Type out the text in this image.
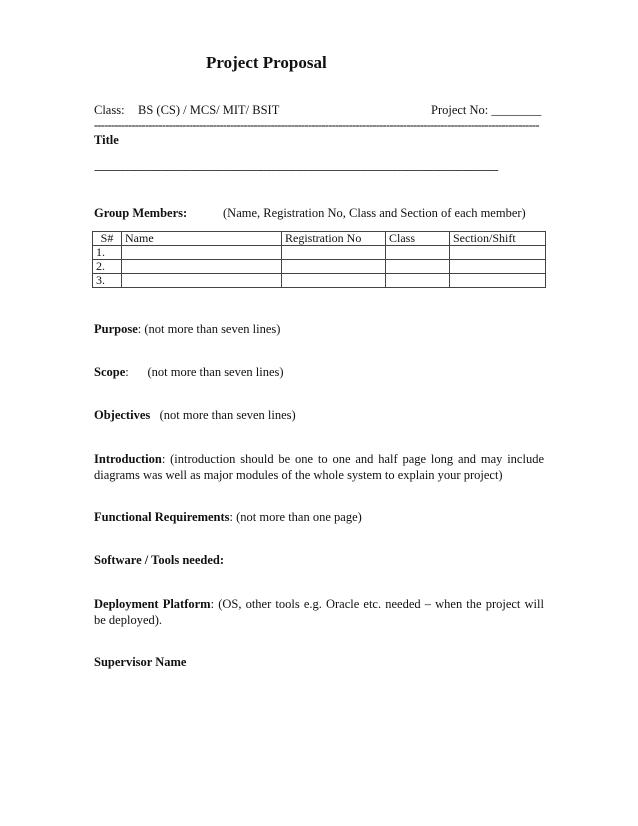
Project Proposal
Class: BS (CS) / MCS/ MIT/ BSIT	Project No: ________
-----------------------------------------------------------------------------------------------------------------------------------
Title
---------------------------------------------------------------------------------------------------------------------------------------------
Group Members:	(Name, Registration No, Class and Section of each member)
S#	Name	Registration No	Class	Section/Shift
1.				
2.				
3.				
Purpose: (not more than seven lines)
Scope:      (not more than seven lines)
Objectives   (not more than seven lines)
Introduction: (introduction should be one to one and half page long and may include diagrams was well as major modules of the whole system to explain your project)
Functional Requirements: (not more than one page)
Software / Tools needed:
Deployment Platform: (OS, other tools e.g. Oracle etc. needed – when the project will be deployed).
Supervisor Name
